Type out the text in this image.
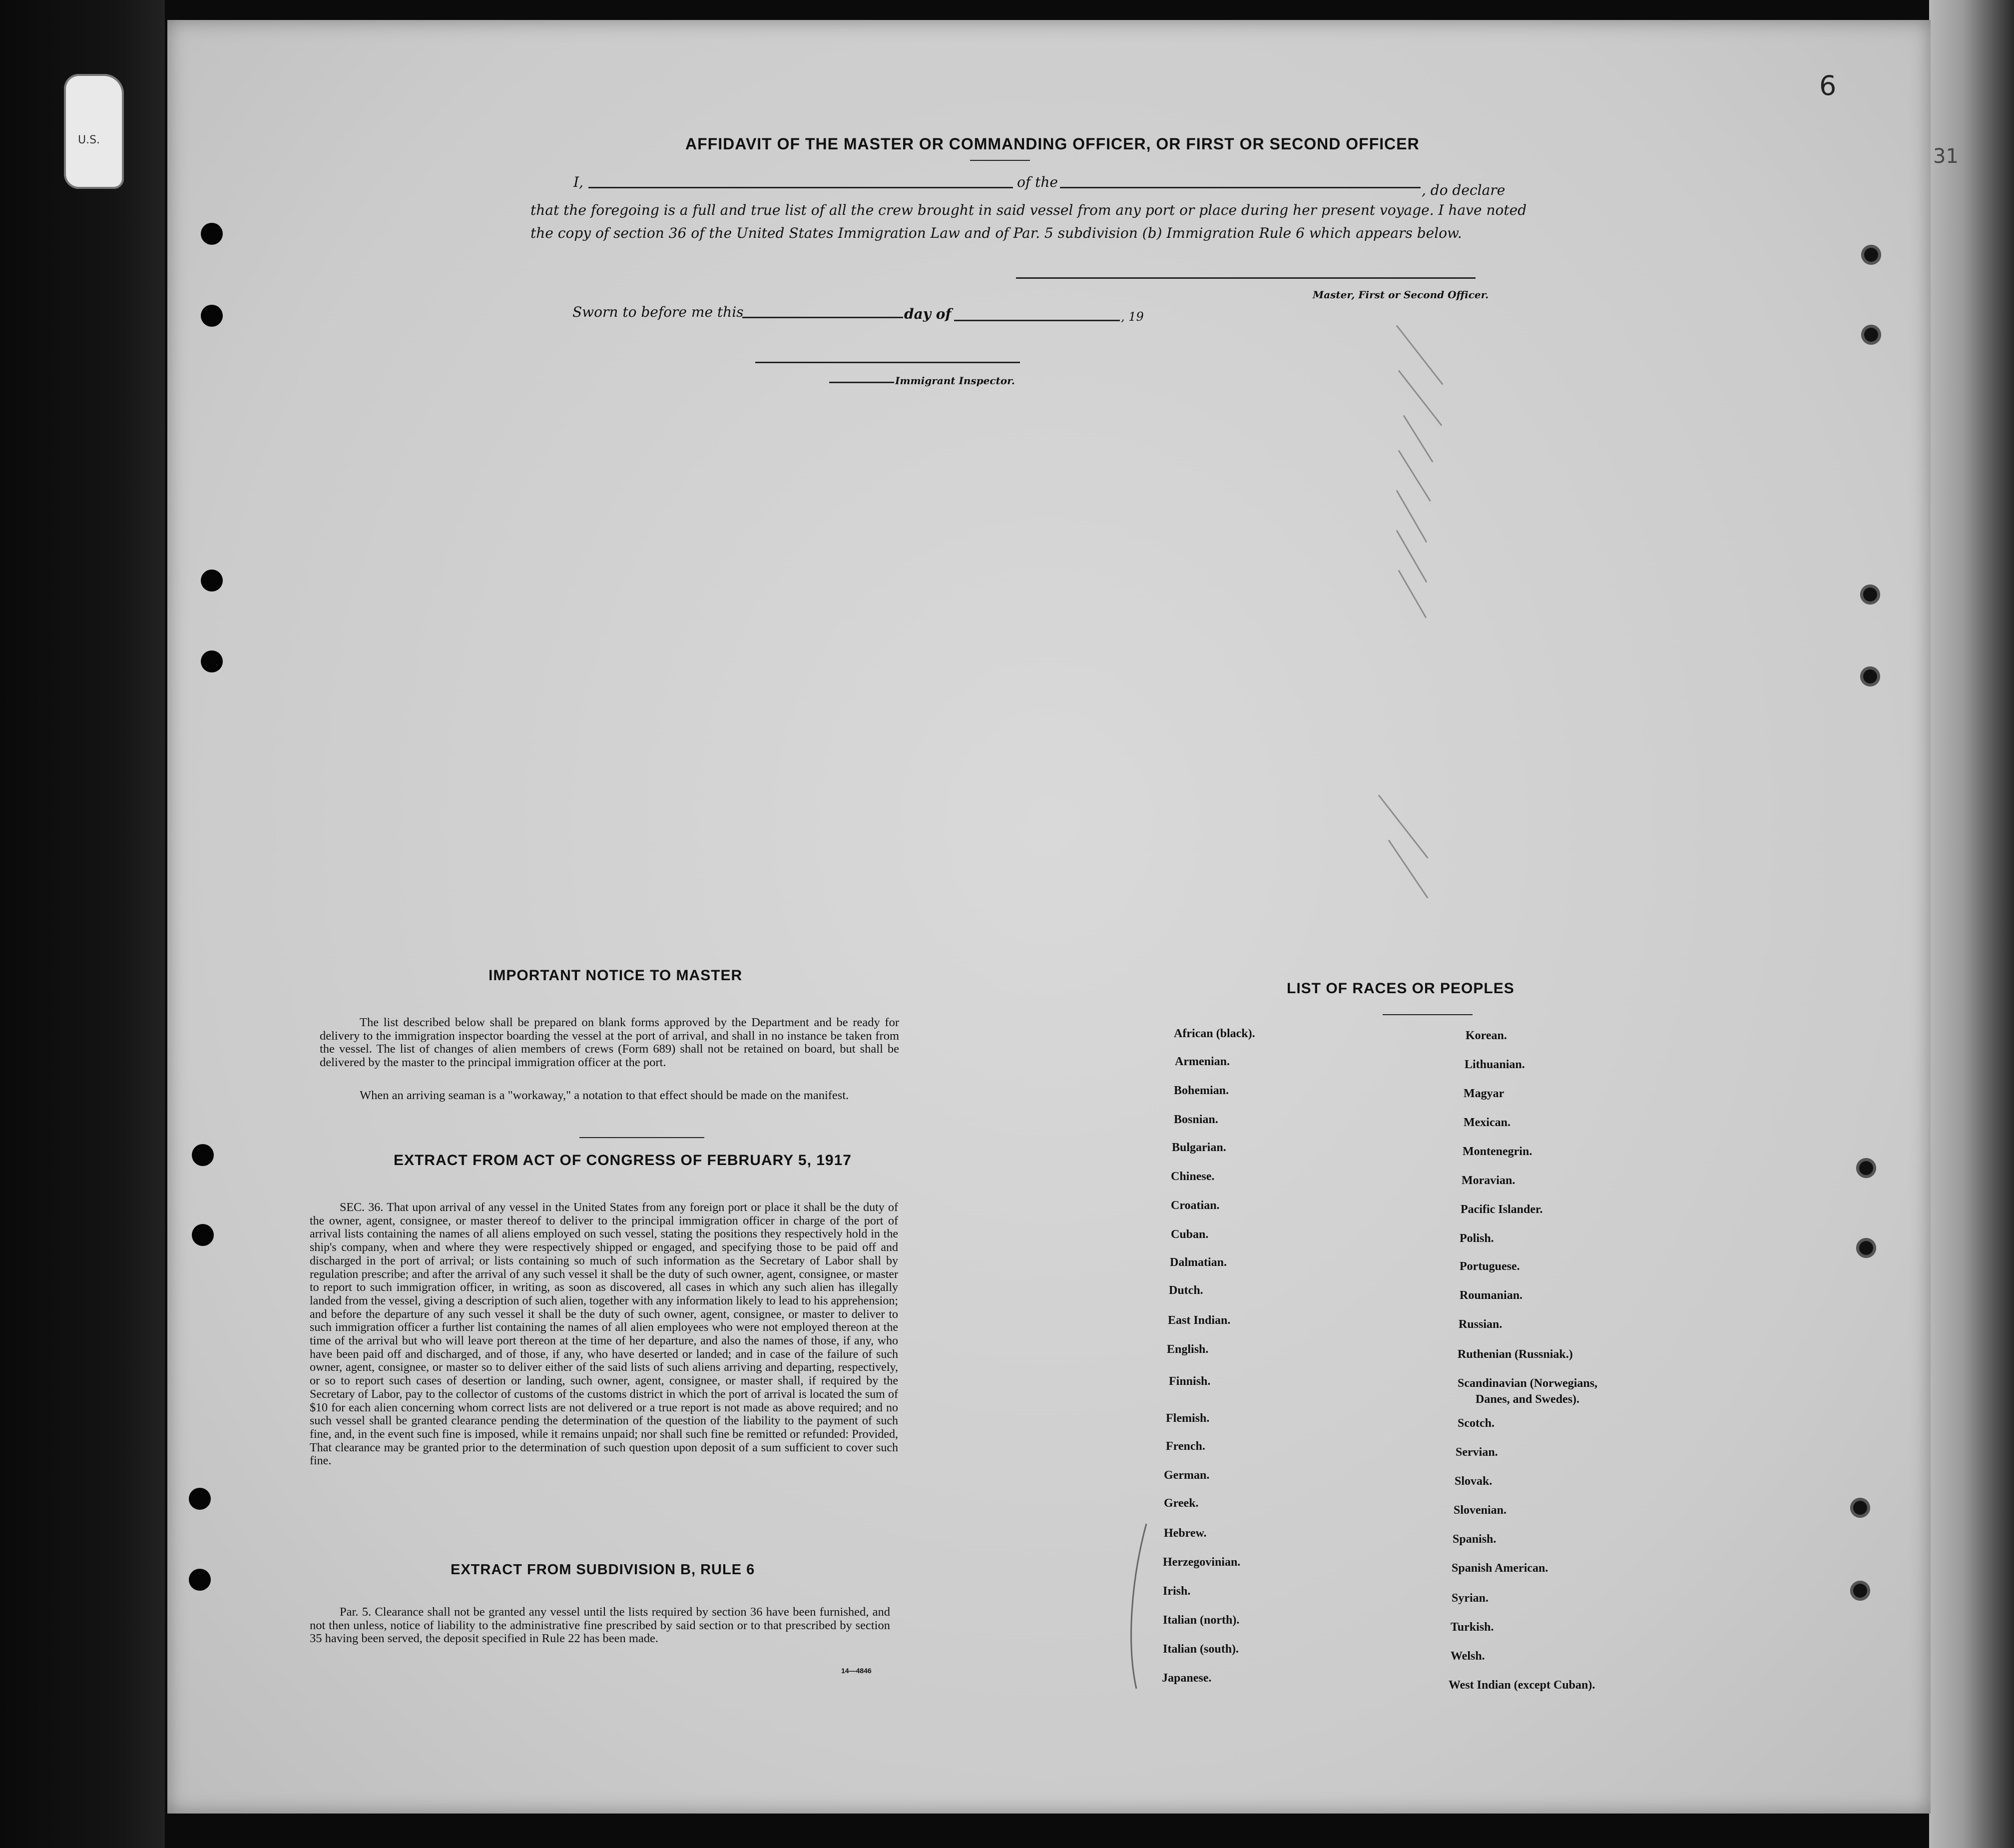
U.S.
6
31
AFFIDAVIT OF THE MASTER OR COMMANDING OFFICER, OR FIRST OR SECOND OFFICER
I,	of the	, do declare
that the foregoing is a full and true list of all the crew brought in said vessel from any port or place during her present voyage. I have noted
the copy of section 36 of the United States Immigration Law and of Par. 5 subdivision (b) Immigration Rule 6 which appears below.
Master, First or Second Officer.
Sworn to before me this	day of	, 19
Immigrant Inspector.
IMPORTANT NOTICE TO MASTER
The list described below shall be prepared on blank forms approved by the Department and be ready for delivery to the immigration inspector boarding the vessel at the port of arrival, and shall in no instance be taken from the vessel. The list of changes of alien members of crews (Form 689) shall not be retained on board, but shall be delivered by the master to the principal immigration officer at the port.
When an arriving seaman is a "workaway," a notation to that effect should be made on the manifest.
EXTRACT FROM ACT OF CONGRESS OF FEBRUARY 5, 1917
SEC. 36. That upon arrival of any vessel in the United States from any foreign port or place it shall be the duty of the owner, agent, consignee, or master thereof to deliver to the principal immigration officer in charge of the port of arrival lists containing the names of all aliens employed on such vessel, stating the positions they respectively hold in the ship's company, when and where they were respectively shipped or engaged, and specifying those to be paid off and discharged in the port of arrival; or lists containing so much of such information as the Secretary of Labor shall by regulation prescribe; and after the arrival of any such vessel it shall be the duty of such owner, agent, consignee, or master to report to such immigration officer, in writing, as soon as discovered, all cases in which any such alien has illegally landed from the vessel, giving a description of such alien, together with any information likely to lead to his apprehension; and before the departure of any such vessel it shall be the duty of such owner, agent, consignee, or master to deliver to such immigration officer a further list containing the names of all alien employees who were not employed thereon at the time of the arrival but who will leave port thereon at the time of her departure, and also the names of those, if any, who have been paid off and discharged, and of those, if any, who have deserted or landed; and in case of the failure of such owner, agent, consignee, or master so to deliver either of the said lists of such aliens arriving and departing, respectively, or so to report such cases of desertion or landing, such owner, agent, consignee, or master shall, if required by the Secretary of Labor, pay to the collector of customs of the customs district in which the port of arrival is located the sum of $10 for each alien concerning whom correct lists are not delivered or a true report is not made as above required; and no such vessel shall be granted clearance pending the determination of the question of the liability to the payment of such fine, and, in the event such fine is imposed, while it remains unpaid; nor shall such fine be remitted or refunded: Provided, That clearance may be granted prior to the determination of such question upon deposit of a sum sufficient to cover such fine.
EXTRACT FROM SUBDIVISION B, RULE 6
Par. 5. Clearance shall not be granted any vessel until the lists required by section 36 have been furnished, and not then unless, notice of liability to the administrative fine prescribed by said section or to that prescribed by section 35 having been served, the deposit specified in Rule 22 has been made.
14—4846
LIST OF RACES OR PEOPLES
African (black).
Armenian.
Bohemian.
Bosnian.
Bulgarian.
Chinese.
Croatian.
Cuban.
Dalmatian.
Dutch.
East Indian.
English.
Finnish.
Flemish.
French.
German.
Greek.
Hebrew.
Herzegovinian.
Irish.
Italian (north).
Italian (south).
Japanese.
Korean.
Lithuanian.
Magyar
Mexican.
Montenegrin.
Moravian.
Pacific Islander.
Polish.
Portuguese.
Roumanian.
Russian.
Ruthenian (Russniak.)
Scandinavian (Norwegians,
Scotch.
Servian.
Slovak.
Slovenian.
Spanish.
Spanish American.
Syrian.
Turkish.
Welsh.
West Indian (except Cuban).
Danes, and Swedes).
